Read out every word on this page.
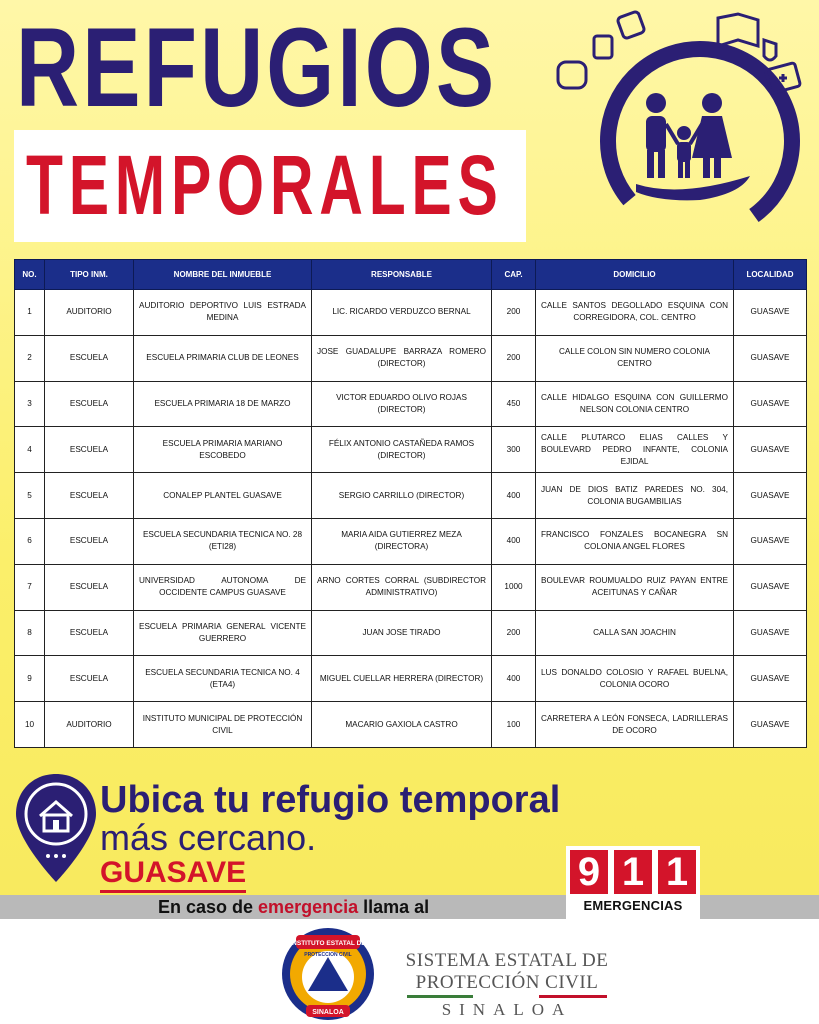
REFUGIOS
TEMPORALES
NO.	TIPO INM.	NOMBRE DEL INMUEBLE	RESPONSABLE	CAP.	DOMICILIO	LOCALIDAD
1	AUDITORIO	AUDITORIO DEPORTIVO LUIS ESTRADA MEDINA	LIC. RICARDO VERDUZCO BERNAL	200	CALLE SANTOS DEGOLLADO ESQUINA CON CORREGIDORA, COL. CENTRO	GUASAVE
2	ESCUELA	ESCUELA PRIMARIA CLUB DE LEONES	JOSE GUADALUPE BARRAZA ROMERO (DIRECTOR)	200	CALLE COLON SIN NUMERO COLONIA CENTRO	GUASAVE
3	ESCUELA	ESCUELA PRIMARIA 18 DE MARZO	VICTOR EDUARDO OLIVO ROJAS (DIRECTOR)	450	CALLE HIDALGO ESQUINA CON GUILLERMO NELSON COLONIA CENTRO	GUASAVE
4	ESCUELA	ESCUELA PRIMARIA MARIANO ESCOBEDO	FÉLIX ANTONIO CASTAÑEDA RAMOS (DIRECTOR)	300	CALLE PLUTARCO ELIAS CALLES Y BOULEVARD PEDRO INFANTE, COLONIA EJIDAL	GUASAVE
5	ESCUELA	CONALEP PLANTEL GUASAVE	SERGIO CARRILLO (DIRECTOR)	400	JUAN DE DIOS BATIZ PAREDES NO. 304, COLONIA BUGAMBILIAS	GUASAVE
6	ESCUELA	ESCUELA SECUNDARIA TECNICA NO. 28 (ETI28)	MARIA AIDA GUTIERREZ MEZA (DIRECTORA)	400	FRANCISCO FONZALES BOCANEGRA SN COLONIA ANGEL FLORES	GUASAVE
7	ESCUELA	UNIVERSIDAD AUTONOMA DE OCCIDENTE CAMPUS GUASAVE	ARNO CORTES CORRAL (SUBDIRECTOR ADMINISTRATIVO)	1000	BOULEVAR ROUMUALDO RUIZ PAYAN ENTRE ACEITUNAS Y CAÑAR	GUASAVE
8	ESCUELA	ESCUELA PRIMARIA GENERAL VICENTE GUERRERO	JUAN JOSE TIRADO	200	CALLA SAN JOACHIN	GUASAVE
9	ESCUELA	ESCUELA SECUNDARIA TECNICA NO. 4 (ETA4)	MIGUEL CUELLAR HERRERA (DIRECTOR)	400	LUS DONALDO COLOSIO Y RAFAEL BUELNA, COLONIA OCORO	GUASAVE
10	AUDITORIO	INSTITUTO MUNICIPAL DE PROTECCIÓN CIVIL	MACARIO GAXIOLA CASTRO	100	CARRETERA A LEÓN FONSECA, LADRILLERAS DE OCORO	GUASAVE
Ubica tu refugio temporal
más cercano.
GUASAVE
En caso de emergencia llama al
9 1 1
EMERGENCIAS
INSTITUTO ESTATAL DE
PROTECCION CIVIL
SINALOA
SISTEMA ESTATAL DE
PROTECCIÓN CIVIL
SINALOA
